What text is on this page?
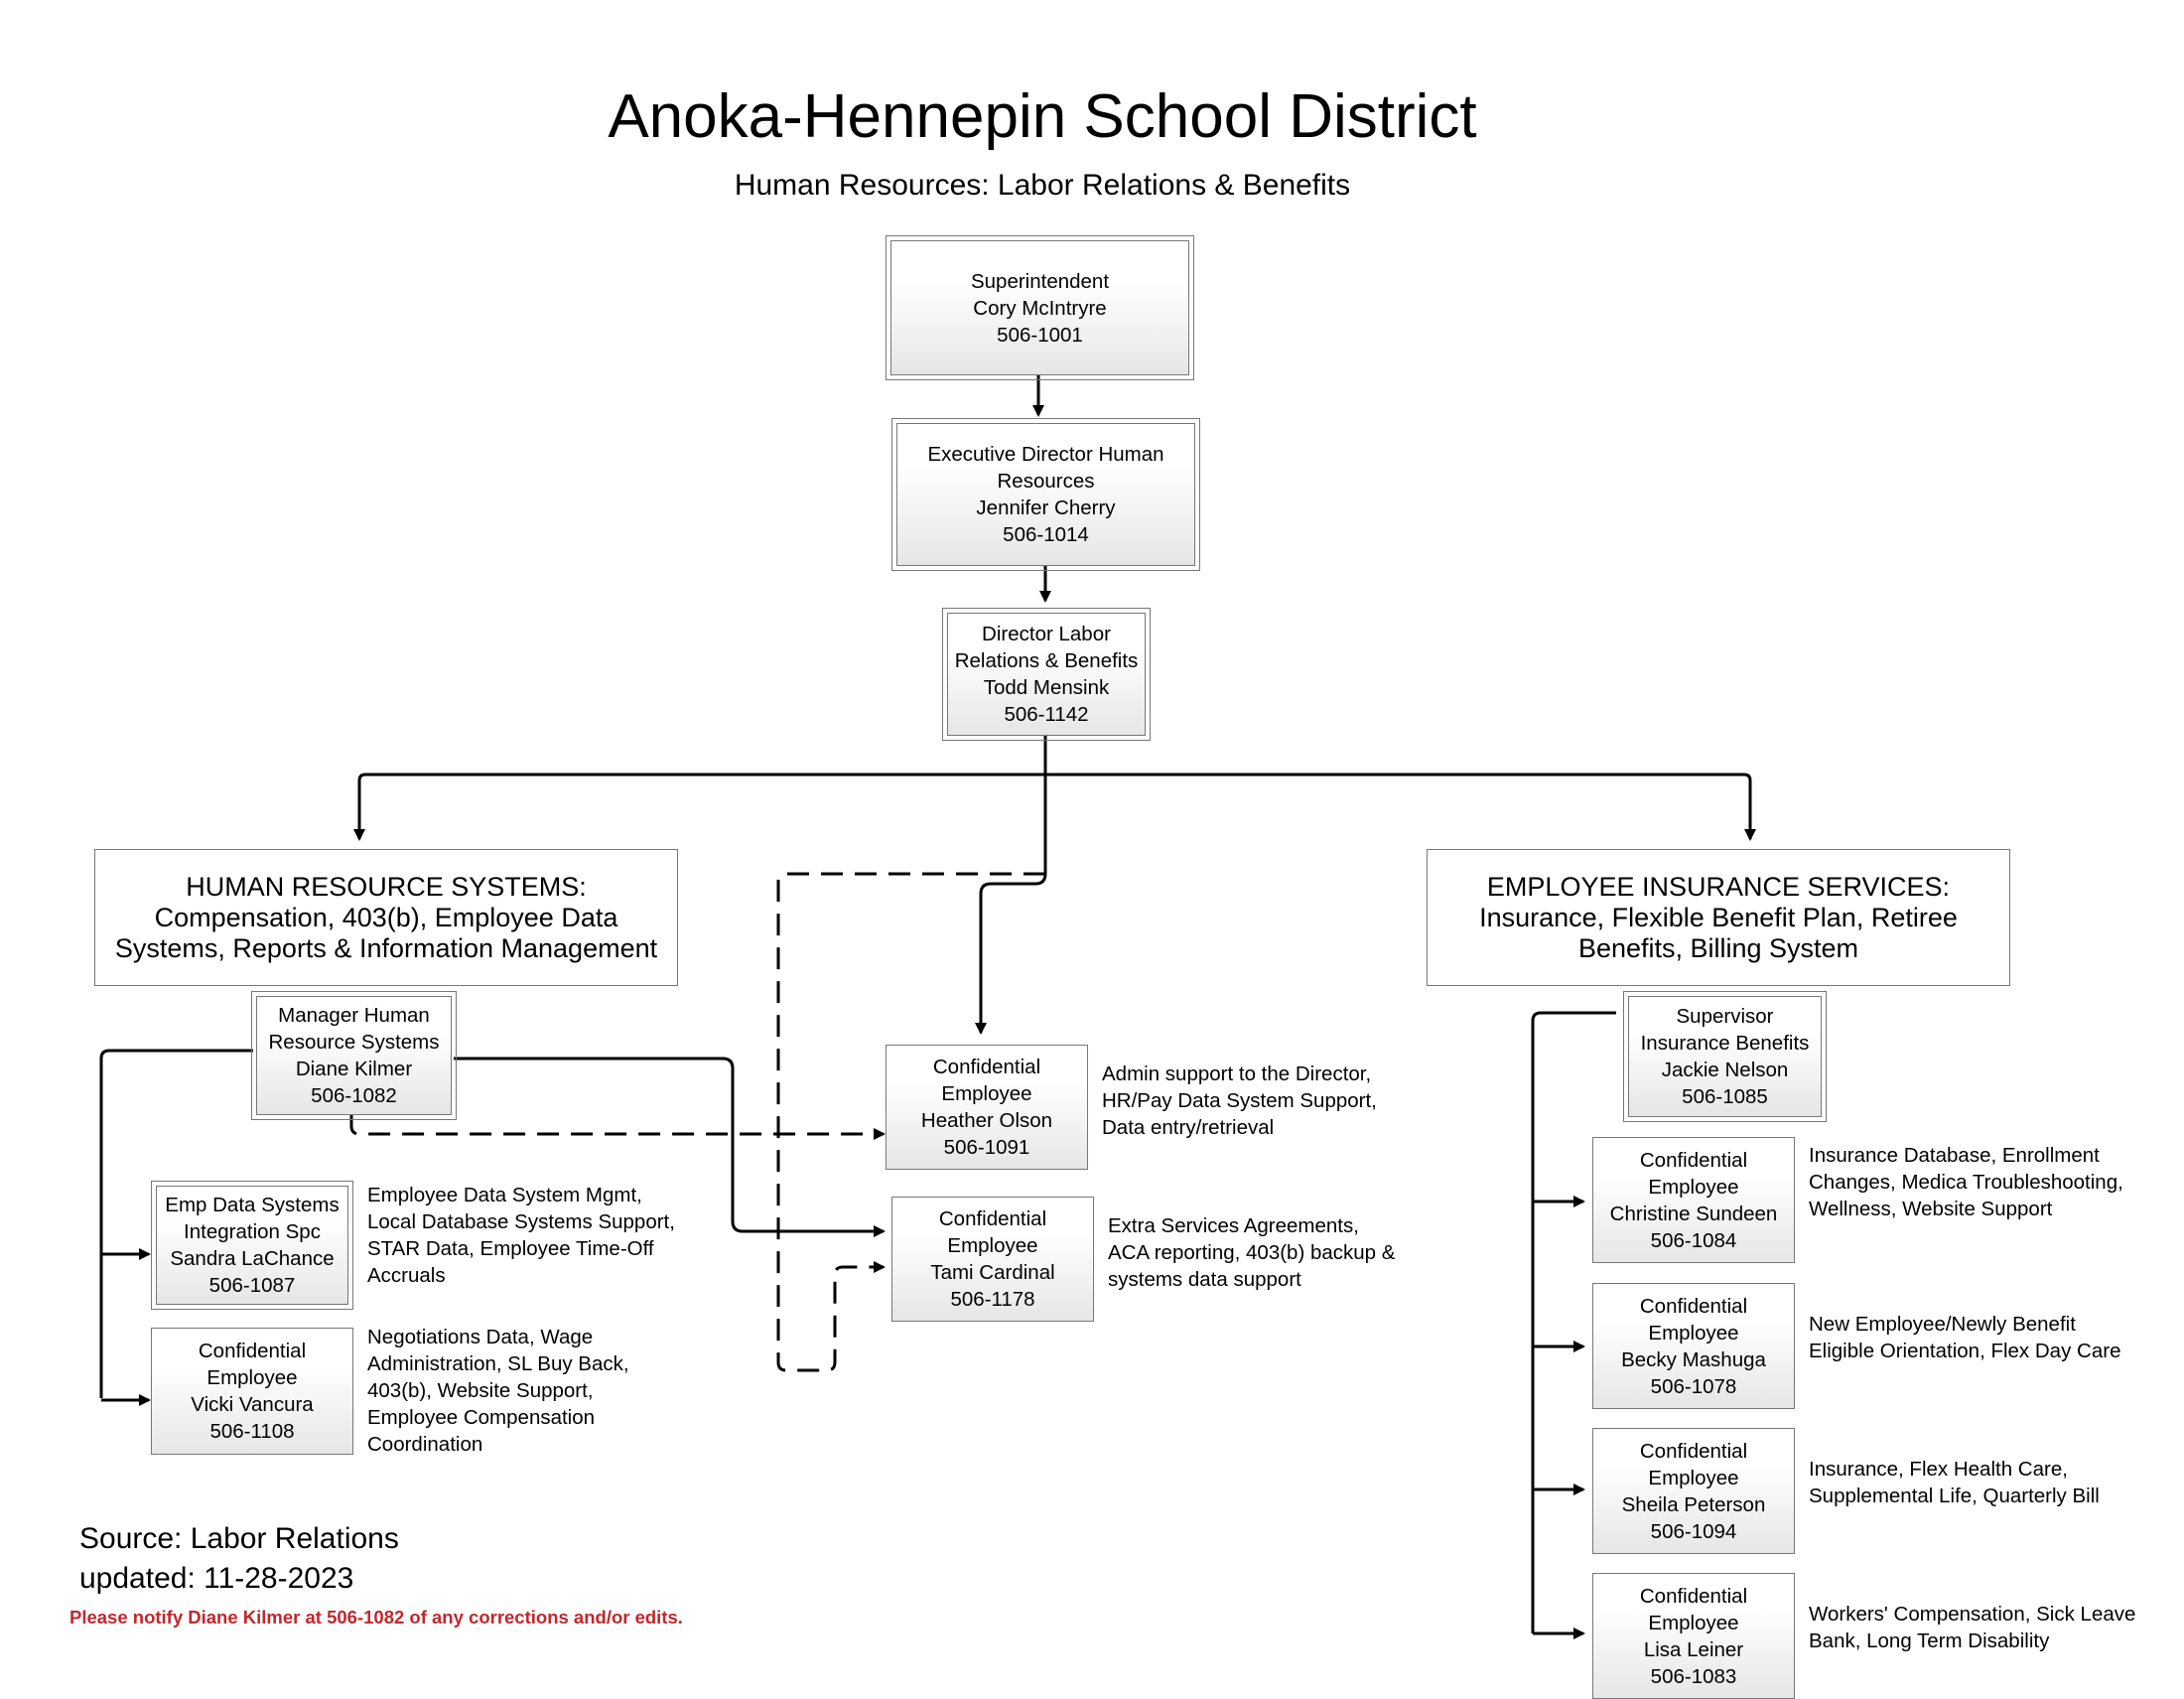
Anoka-Hennepin School District
Human Resources: Labor Relations & Benefits
Superintendent
Cory McIntryre
506-1001
Executive Director Human
Resources
Jennifer Cherry
506-1014
Director Labor
Relations & Benefits
Todd Mensink
506-1142
HUMAN RESOURCE SYSTEMS:
Compensation, 403(b), Employee Data
Systems, Reports & Information Management
EMPLOYEE INSURANCE SERVICES:
Insurance, Flexible Benefit Plan, Retiree
Benefits, Billing System
Manager Human
Resource Systems
Diane Kilmer
506-1082
Emp Data Systems
Integration Spc
Sandra LaChance
506-1087
Confidential
Employee
Vicki Vancura
506-1108
Confidential
Employee
Heather Olson
506-1091
Confidential
Employee
Tami Cardinal
506-1178
Supervisor
Insurance Benefits
Jackie Nelson
506-1085
Confidential
Employee
Christine Sundeen
506-1084
Confidential
Employee
Becky Mashuga
506-1078
Confidential
Employee
Sheila Peterson
506-1094
Confidential
Employee
Lisa Leiner
506-1083
Admin support to the Director,
HR/Pay Data System Support,
Data entry/retrieval
Extra Services Agreements,
ACA reporting, 403(b) backup &
systems data support
Employee Data System Mgmt,
Local Database Systems Support,
STAR Data, Employee Time-Off
Accruals
Negotiations Data, Wage
Administration, SL Buy Back,
403(b), Website Support,
Employee Compensation
Coordination
Insurance Database, Enrollment
Changes, Medica Troubleshooting,
Wellness, Website Support
New Employee/Newly Benefit
Eligible Orientation, Flex Day Care
Insurance, Flex Health Care,
Supplemental Life, Quarterly Bill
Workers' Compensation, Sick Leave
Bank, Long Term Disability
Source: Labor Relations
updated: 11-28-2023
Please notify Diane Kilmer at 506-1082 of any corrections and/or edits.
